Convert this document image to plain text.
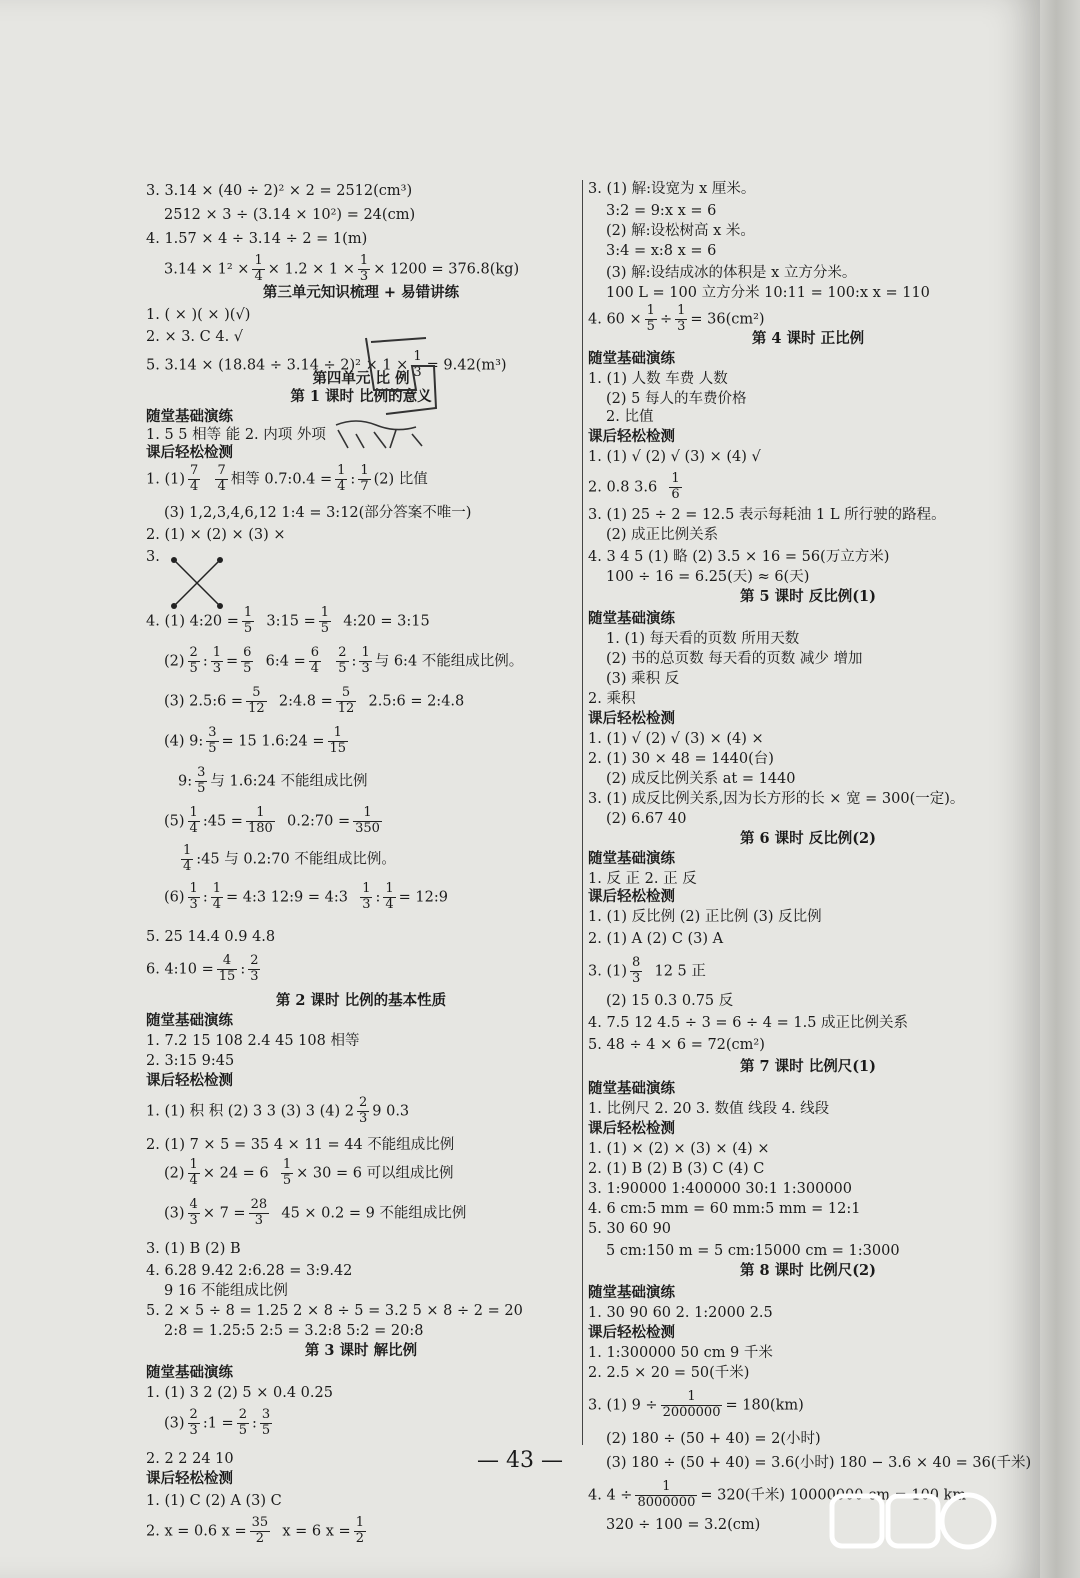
3. 3.14 × (40 ÷ 2)² × 2 = 2512(cm³)
2512 × 3 ÷ (3.14 × 10²) = 24(cm)
4. 1.57 × 4 ÷ 3.14 ÷ 2 = 1(m)
$3.14 \times 1^2 \times \frac{1}{4} \times 1.2 \times 1 \times \frac{1}{3} \times 1200 = 376.8(kg)$
第三单元知识梳理 + 易错讲练
1. ( × )( × )(√)
2. × 3. C 4. √
5. $3.14 \times (18.84 \div 3.14 \div 2)^2 \times 1 \times \frac{1}{3} = 9.42(m^3)$
第四单元 比 例
第 1 课时 比例的意义
随堂基础演练
1. 5 5 相等 能 2. 内项 外项
课后轻松检测
1. $(1) \frac{7}{4}$
$\frac{7}{4}$ 相等 0.7:0.4 = $\frac{1}{4}$ : $\frac{1}{7} (2)$ 比值
(3) 1,2,3,4,6,12 1:4 = 3:12(部分答案不唯一)
2. (1) × (2) × (3) ×
3.
4. (1) 4:20 = $\frac{1}{5}$ 3:15 = $\frac{1}{5}$ 4:20 = 3:15
$(2) \frac{2}{5}$ : $\frac{1}{3} = \frac{6}{5}$ 6:4 = $\frac{6}{4}$
$\frac{2}{5}$ : $\frac{1}{3}$ 与 6:4 不能组成比例。
(3) 2.5:6 = $\frac{5}{12}$ 2:4.8 = $\frac{5}{12}$ 2.5:6 = 2:4.8
(4) 9: $\frac{3}{5} = 15$ 1.6:24 = $\frac{1}{15}$
9: $\frac{3}{5}$ 与 1.6:24 不能组成比例
$(5) \frac{1}{4}$ :45 = $\frac{1}{180}$ 0.2:70 = $\frac{1}{350}$
$\frac{1}{4}$ :45 与 0.2:70 不能组成比例。
$(6) \frac{1}{3}$ : $\frac{1}{4}$ = 4:3 12:9 = 4:3 $\frac{1}{3}$ : $\frac{1}{4}$ = 12:9
5. 25 14.4 0.9 4.8
6. 4:10 = $\frac{4}{15}$ : $\frac{2}{3}$
第 2 课时 比例的基本性质
随堂基础演练
1. 7.2 15 108 2.4 45 108 相等
2. 3:15 9:45
课后轻松检测
1. (1) 积 积 (2) 3 3 (3) 3 (4) $2 \frac{2}{3} 9$ 0.3
2. (1) 7 × 5 = 35 4 × 11 = 44 不能组成比例
$(2) \frac{1}{4} \times 24 = 6 \frac{1}{5} \times 30 = 6$ 可以组成比例
$(3) \frac{4}{3} \times 7 = \frac{28}{3} 45 \times 0.2 = 9$ 不能组成比例
3. (1) B (2) B
4. 6.28 9.42 2:6.28 = 3:9.42
9 16 不能组成比例
5. 2 × 5 ÷ 8 = 1.25 2 × 8 ÷ 5 = 3.2 5 × 8 ÷ 2 = 20
2:8 = 1.25:5 2:5 = 3.2:8 5:2 = 20:8
第 3 课时 解比例
随堂基础演练
1. (1) 3 2 (2) 5 × 0.4 0.25
$(3) \frac{2}{3}$ :1 = $\frac{2}{5}$ : $\frac{3}{5}$
2. 2 2 24 10
课后轻松检测
1. (1) C (2) A (3) C
2. x = 0.6 $x = \frac{35}{2}$ x = 6 $x = \frac{1}{2}$
3. (1) 解:设宽为 x 厘米。
3:2 = 9:x x = 6
(2) 解:设松树高 x 米。
3:4 = x:8 x = 6
(3) 解:设结成冰的体积是 x 立方分米。
100 L = 100 立方分米 10:11 = 100:x x = 110
4. $60 \times \frac{1}{5} \div \frac{1}{3} = 36(cm^2)$
第 4 课时 正比例
随堂基础演练
1. (1) 人数 车费 人数
(2) 5 每人的车费价格
2. 比值
课后轻松检测
1. (1) √ (2) √ (3) × (4) √
2. 0.8 $3.6 \frac{1}{6}$
3. (1) 25 ÷ 2 = 12.5 表示每耗油 1 L 所行驶的路程。
(2) 成正比例关系
4. 3 4 5 (1) 略 (2) 3.5 × 16 = 56(万立方米)
100 ÷ 16 = 6.25(天) ≈ 6(天)
第 5 课时 反比例(1)
随堂基础演练
1. (1) 每天看的页数 所用天数
(2) 书的总页数 每天看的页数 减少 增加
(3) 乘积 反
2. 乘积
课后轻松检测
1. (1) √ (2) √ (3) × (4) ×
2. (1) 30 × 48 = 1440(台)
(2) 成反比例关系 at = 1440
3. (1) 成反比例关系,因为长方形的长 × 宽 = 300(一定)。
(2) 6.67 40
第 6 课时 反比例(2)
随堂基础演练
1. 反 正 2. 正 反
课后轻松检测
1. (1) 反比例 (2) 正比例 (3) 反比例
2. (1) A (2) C (3) A
3. $(1) \frac{8}{3} 12$ 5 正
(2) 15 0.3 0.75 反
4. 7.5 12 4.5 ÷ 3 = 6 ÷ 4 = 1.5 成正比例关系
5. 48 ÷ 4 × 6 = 72(cm²)
第 7 课时 比例尺(1)
随堂基础演练
1. 比例尺 2. 20 3. 数值 线段 4. 线段
课后轻松检测
1. (1) × (2) × (3) × (4) ×
2. (1) B (2) B (3) C (4) C
3. 1:90000 1:400000 30:1 1:300000
4. 6 cm:5 mm = 60 mm:5 mm = 12:1
5. 30 60 90
5 cm:150 m = 5 cm:15000 cm = 1:3000
第 8 课时 比例尺(2)
随堂基础演练
1. 30 90 60 2. 1:2000 2.5
课后轻松检测
1. 1:300000 50 cm 9 千米
2. 2.5 × 20 = 50(千米)
3. (1) $9 \div \frac{1}{2000000} = 180(km)$
(2) 180 ÷ (50 + 40) = 2(小时)
(3) 180 ÷ (50 + 40) = 3.6(小时) 180 − 3.6 × 40 = 36(千米)
4. $4 \div \frac{1}{8000000} = 320$(千米) 10000000 cm = 100 km
320 ÷ 100 = 3.2(cm)
— 43 —
